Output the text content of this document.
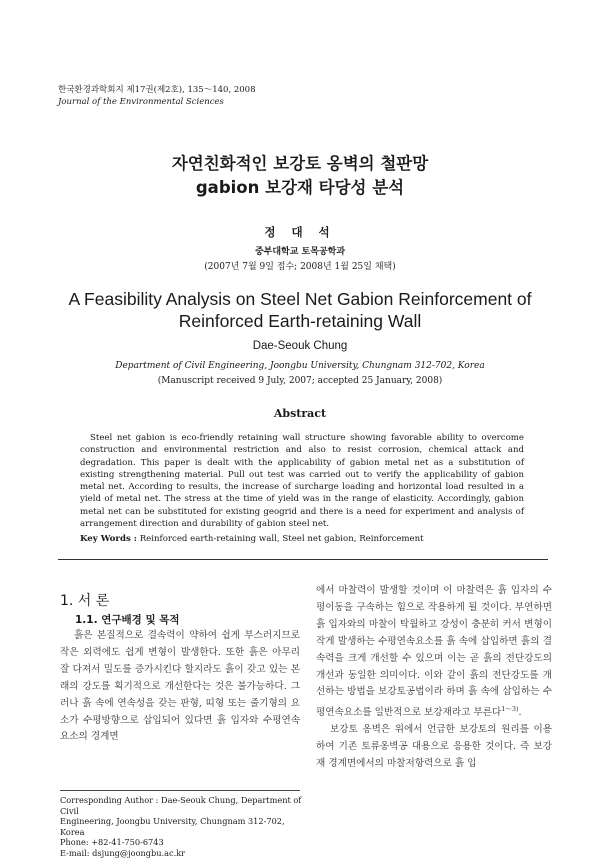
한국환경과학회지 제17권(제2호), 135～140, 2008
Journal of the Environmental Sciences
자연친화적인 보강토 옹벽의 철판망
gabion 보강재 타당성 분석
정 대 석
중부대학교 토목공학과
(2007년 7월 9일 접수; 2008년 1월 25일 채택)
A Feasibility Analysis on Steel Net Gabion Reinforcement of
Reinforced Earth-retaining Wall
Dae-Seouk Chung
Department of Civil Engineering, Joongbu University, Chungnam 312-702, Korea
(Manuscript received 9 July, 2007; accepted 25 January, 2008)
Abstract
Steel net gabion is eco-friendly retaining wall structure showing favorable ability to overcome construction and environmental restriction and also to resist corrosion, chemical attack and degradation. This paper is dealt with the applicability of gabion metal net as a substitution of existing strengthening material. Pull out test was carried out to verify the applicability of gabion metal net. According to results, the increase of surcharge loading and horizontal load resulted in a yield of metal net. The stress at the time of yield was in the range of elasticity. Accordingly, gabion metal net can be substituted for existing geogrid and there is a need for experiment and analysis of arrangement direction and durability of gabion steel net.
Key Words : Reinforced earth-retaining wall, Steel net gabion, Reinforcement
1. 서 론
1.1. 연구배경 및 목적

흙은 본질적으로 결속력이 약하여 쉽게 부스러지므로 작은 외력에도 쉽게 변형이 발생한다. 또한 흙은 아무리 잘 다져서 밀도를 증가시킨다 할지라도 흙이 갖고 있는 본래의 강도를 획기적으로 개선한다는 것은 불가능하다. 그러나 흙 속에 연속성을 갖는 판형, 띠형 또는 줄기형의 요소가 수평방향으로 삽입되어 있다면 흙 입자와 수평연속요소의 경계면

에서 마찰력이 발생할 것이며 이 마찰력은 흙 입자의 수평이동을 구속하는 힘으로 작용하게 될 것이다. 부연하면 흙 입자와의 마찰이 탁월하고 강성이 충분히 커서 변형이 작게 발생하는 수평연속요소를 흙 속에 삽입하면 흙의 결속력을 크게 개선할 수 있으며 이는 곧 흙의 전단강도의 개선과 동일한 의미이다. 이와 같이 흙의 전단강도를 개선하는 방법을 보강토공법이라 하며 흙 속에 삽입하는 수평연속요소를 일반적으로 보강재라고 부른다$^{1\sim 3)}$.

보강토 옹벽은 위에서 언급한 보강토의 원리를 이용하여 기존 토류옹벽공 대용으로 응용한 것이다. 즉 보강재 경계면에서의 마찰저항력으로 흙 입

Corresponding Author : Dae-Seouk Chung, Department of Civil
Engineering, Joongbu University, Chungnam 312-702, Korea
Phone: +82-41-750-6743
E-mail: dsjung@joongbu.ac.kr
